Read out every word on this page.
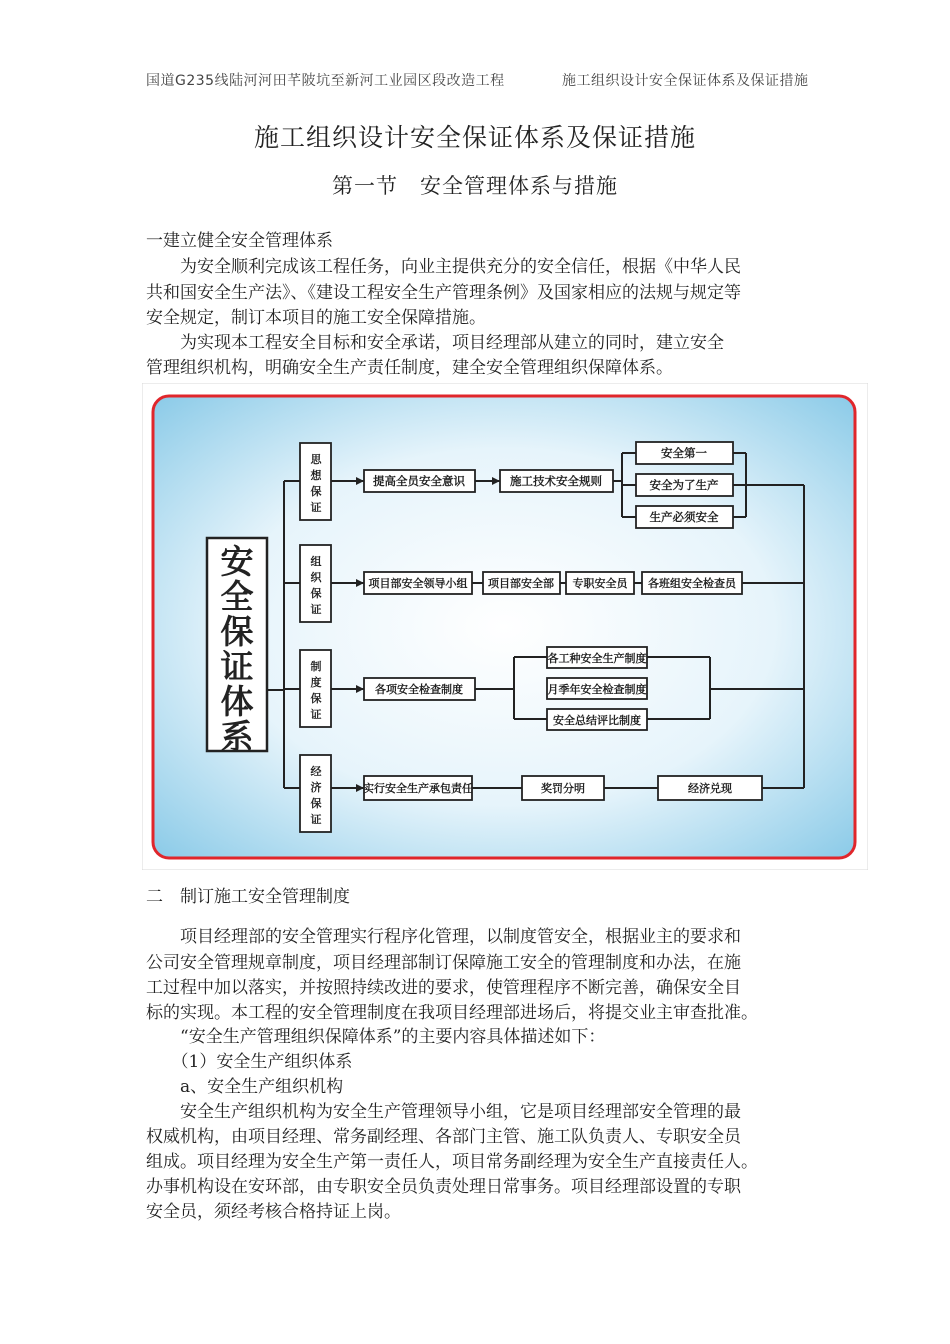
国道G235线陆河河田芊陂坑至新河工业园区段改造工程	施工组织设计安全保证体系及保证措施
施工组织设计安全保证体系及保证措施
第一节　安全管理体系与措施
一建立健全安全管理体系
　　为安全顺利完成该工程任务，向业主提供充分的安全信任，根据《中华人民
共和国安全生产法》、《建设工程安全生产管理条例》及国家相应的法规与规定等
安全规定，制订本项目的施工安全保障措施。
　　为实现本工程安全目标和安全承诺，项目经理部从建立的同时，建立安全
管理组织机构，明确安全生产责任制度，建全安全管理组织保障体系。
安
全
保
证
体
系
思
想
保
证
组
织
保
证
制
度
保
证
经
济
保
证
提高全员安全意识	施工技术安全规则
安全第一
安全为了生产
生产必须安全
项目部安全领导小组 项目部安全部 专职安全员 各班组安全检查员
各项安全检查制度
各工种安全生产制度
月季年安全检查制度
安全总结评比制度
实行安全生产承包责任	奖罚分明	经济兑现
二　制订施工安全管理制度
　　项目经理部的安全管理实行程序化管理，以制度管安全，根据业主的要求和
公司安全管理规章制度，项目经理部制订保障施工安全的管理制度和办法，在施
工过程中加以落实，并按照持续改进的要求，使管理程序不断完善，确保安全目
标的实现。本工程的安全管理制度在我项目经理部进场后，将提交业主审查批准。
　　“安全生产管理组织保障体系”的主要内容具体描述如下：
　　（1）安全生产组织体系
　　a、安全生产组织机构
　　安全生产组织机构为安全生产管理领导小组，它是项目经理部安全管理的最
权威机构，由项目经理、常务副经理、各部门主管、施工队负责人、专职安全员
组成。项目经理为安全生产第一责任人，项目常务副经理为安全生产直接责任人。
办事机构设在安环部，由专职安全员负责处理日常事务。项目经理部设置的专职
安全员，须经考核合格持证上岗。
